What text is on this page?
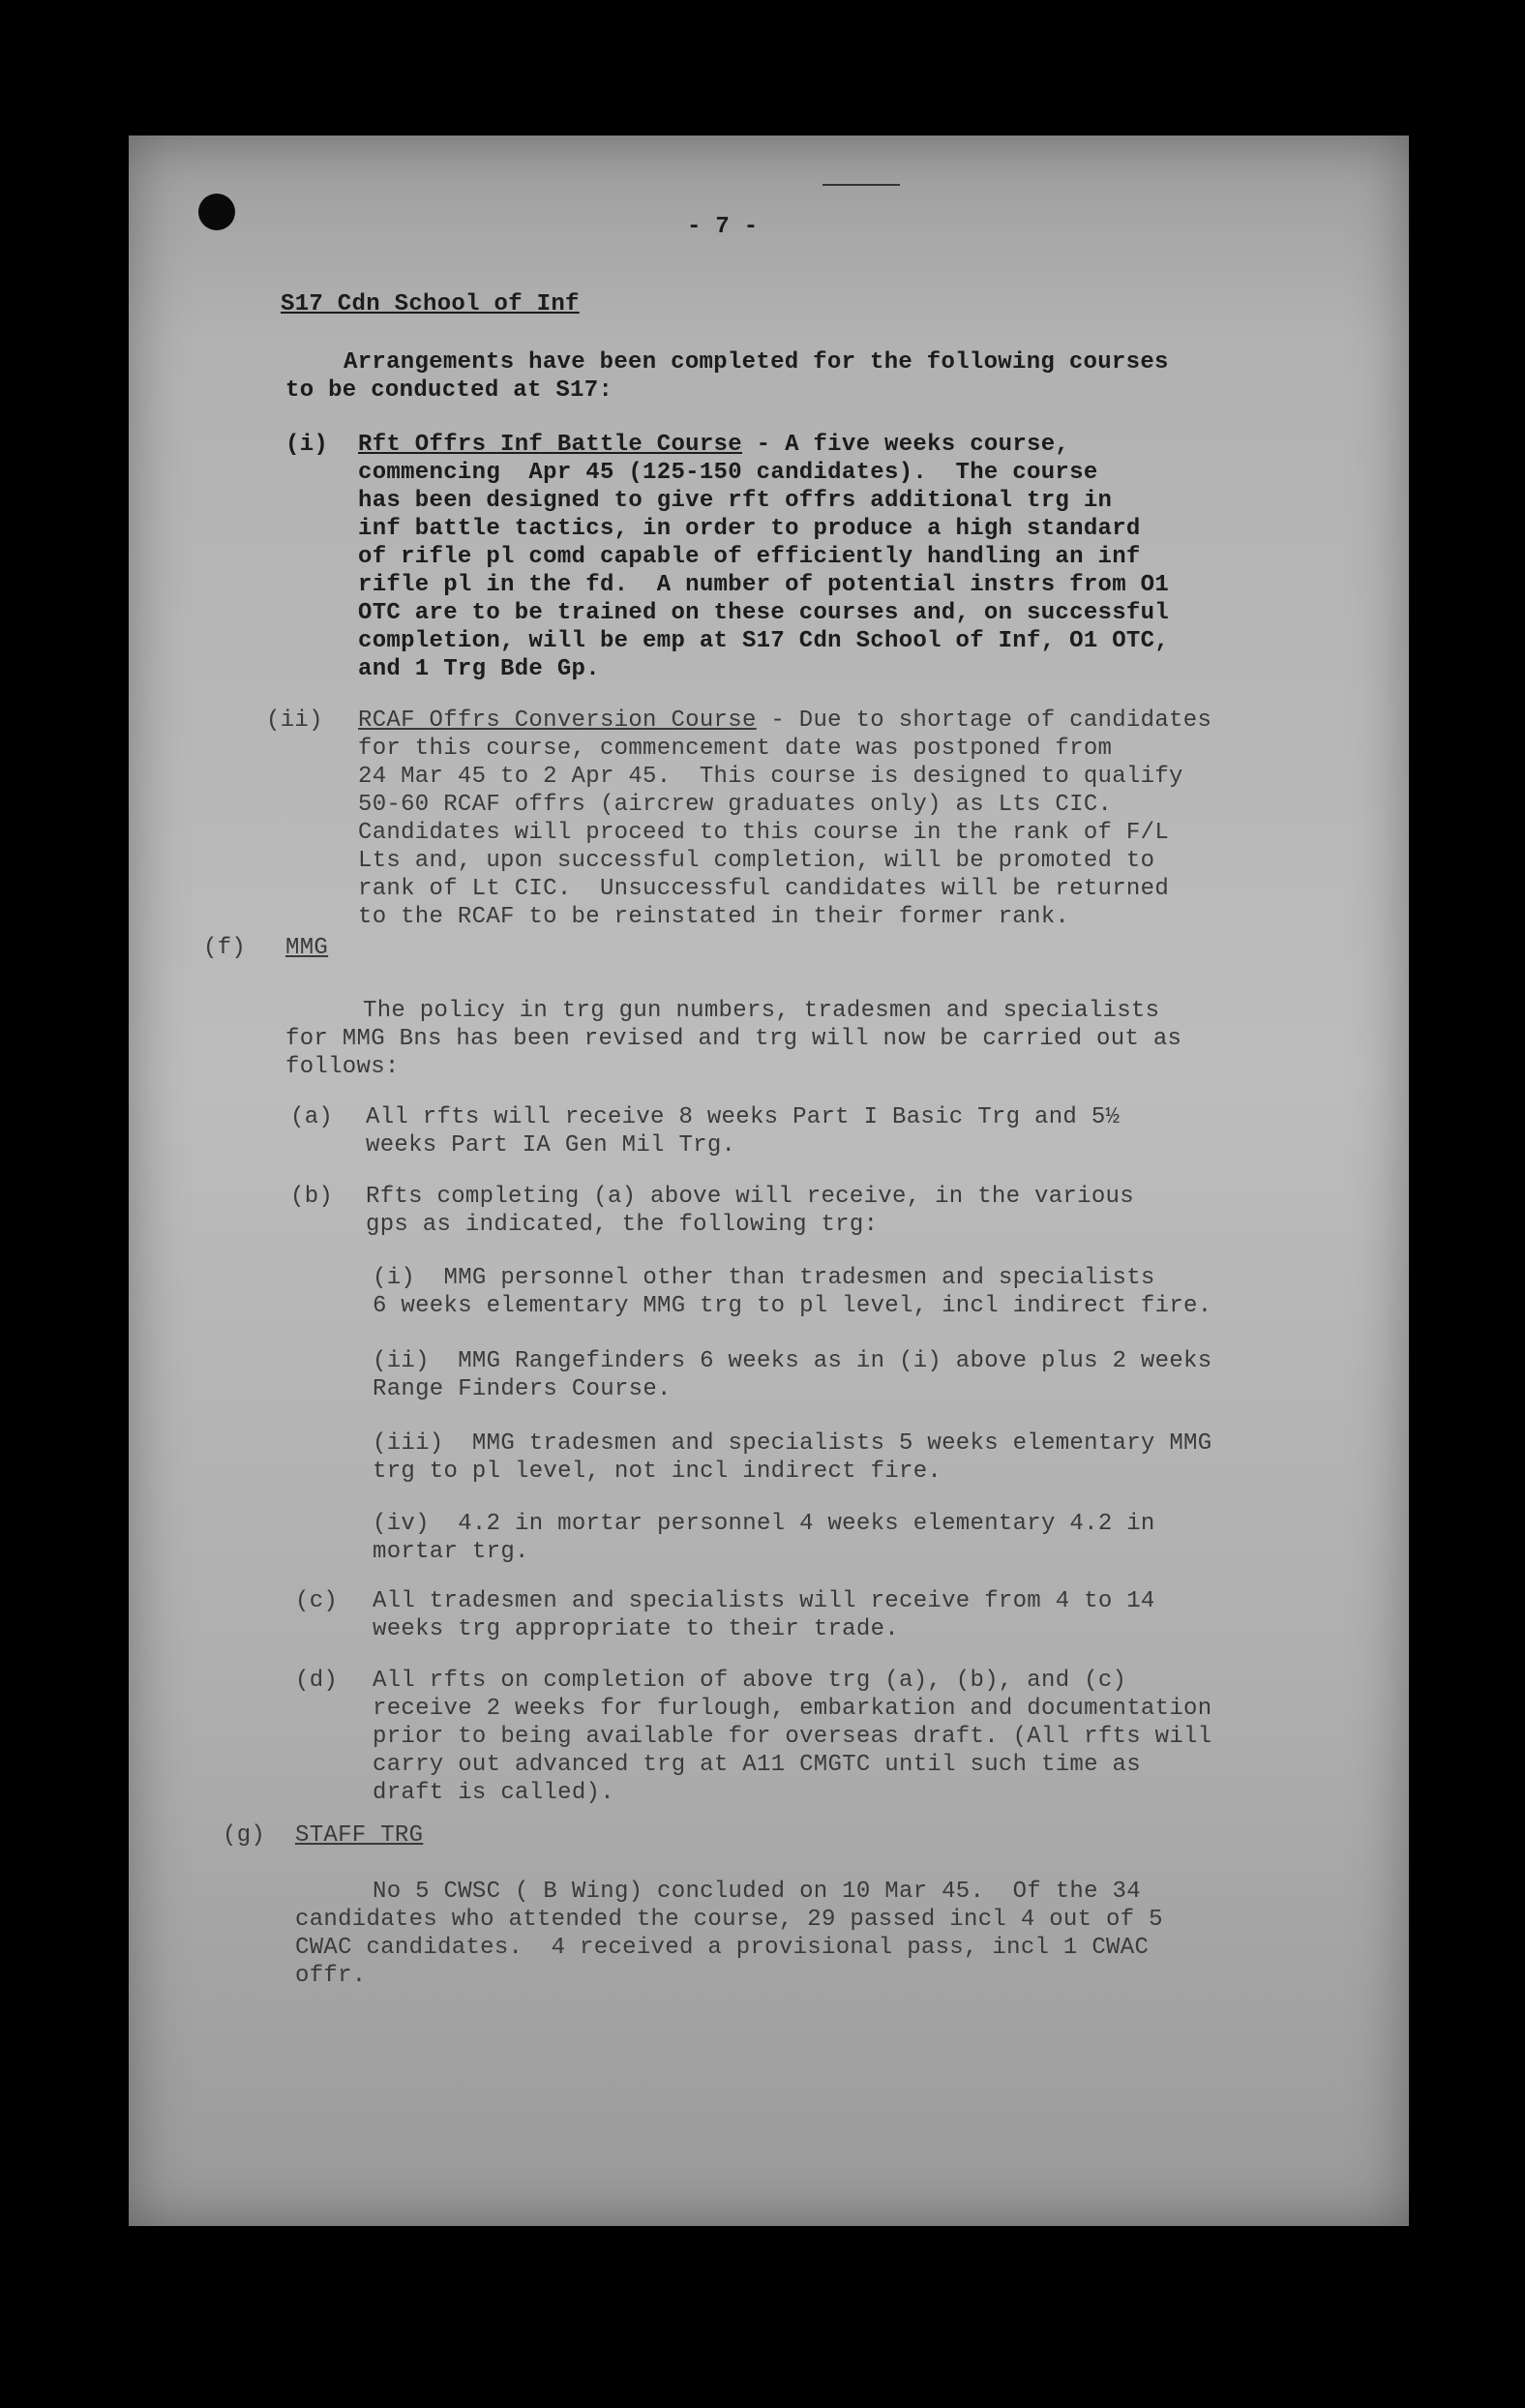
- 7 -
S17 Cdn School of Inf
Arrangements have been completed for the following courses
to be conducted at S17:
(i) Rft Offrs Inf Battle Course - A five weeks course,
commencing  Apr 45 (125-150 candidates).  The course
has been designed to give rft offrs additional trg in
inf battle tactics, in order to produce a high standard
of rifle pl comd capable of efficiently handling an inf
rifle pl in the fd.  A number of potential instrs from O1
OTC are to be trained on these courses and, on successful
completion, will be emp at S17 Cdn School of Inf, O1 OTC,
and 1 Trg Bde Gp.
(ii) RCAF Offrs Conversion Course - Due to shortage of candidates
for this course, commencement date was postponed from
24 Mar 45 to 2 Apr 45.  This course is designed to qualify
50-60 RCAF offrs (aircrew graduates only) as Lts CIC.
Candidates will proceed to this course in the rank of F/L
Lts and, upon successful completion, will be promoted to
rank of Lt CIC.  Unsuccessful candidates will be returned
to the RCAF to be reinstated in their former rank.
(f) MMG
The policy in trg gun numbers, tradesmen and specialists
for MMG Bns has been revised and trg will now be carried out as
follows:
(a) All rfts will receive 8 weeks Part I Basic Trg and 5½
weeks Part IA Gen Mil Trg.
(b) Rfts completing (a) above will receive, in the various
gps as indicated, the following trg:
(i)  MMG personnel other than tradesmen and specialists
6 weeks elementary MMG trg to pl level, incl indirect fire.
(ii)  MMG Rangefinders 6 weeks as in (i) above plus 2 weeks
Range Finders Course.
(iii)  MMG tradesmen and specialists 5 weeks elementary MMG
trg to pl level, not incl indirect fire.
(iv)  4.2 in mortar personnel 4 weeks elementary 4.2 in
mortar trg.
(c) All tradesmen and specialists will receive from 4 to 14
weeks trg appropriate to their trade.
(d) All rfts on completion of above trg (a), (b), and (c)
receive 2 weeks for furlough, embarkation and documentation
prior to being available for overseas draft. (All rfts will
carry out advanced trg at A11 CMGTC until such time as
draft is called).
(g) STAFF TRG
No 5 CWSC ( B Wing) concluded on 10 Mar 45.  Of the 34
candidates who attended the course, 29 passed incl 4 out of 5
CWAC candidates.  4 received a provisional pass, incl 1 CWAC
offr.
